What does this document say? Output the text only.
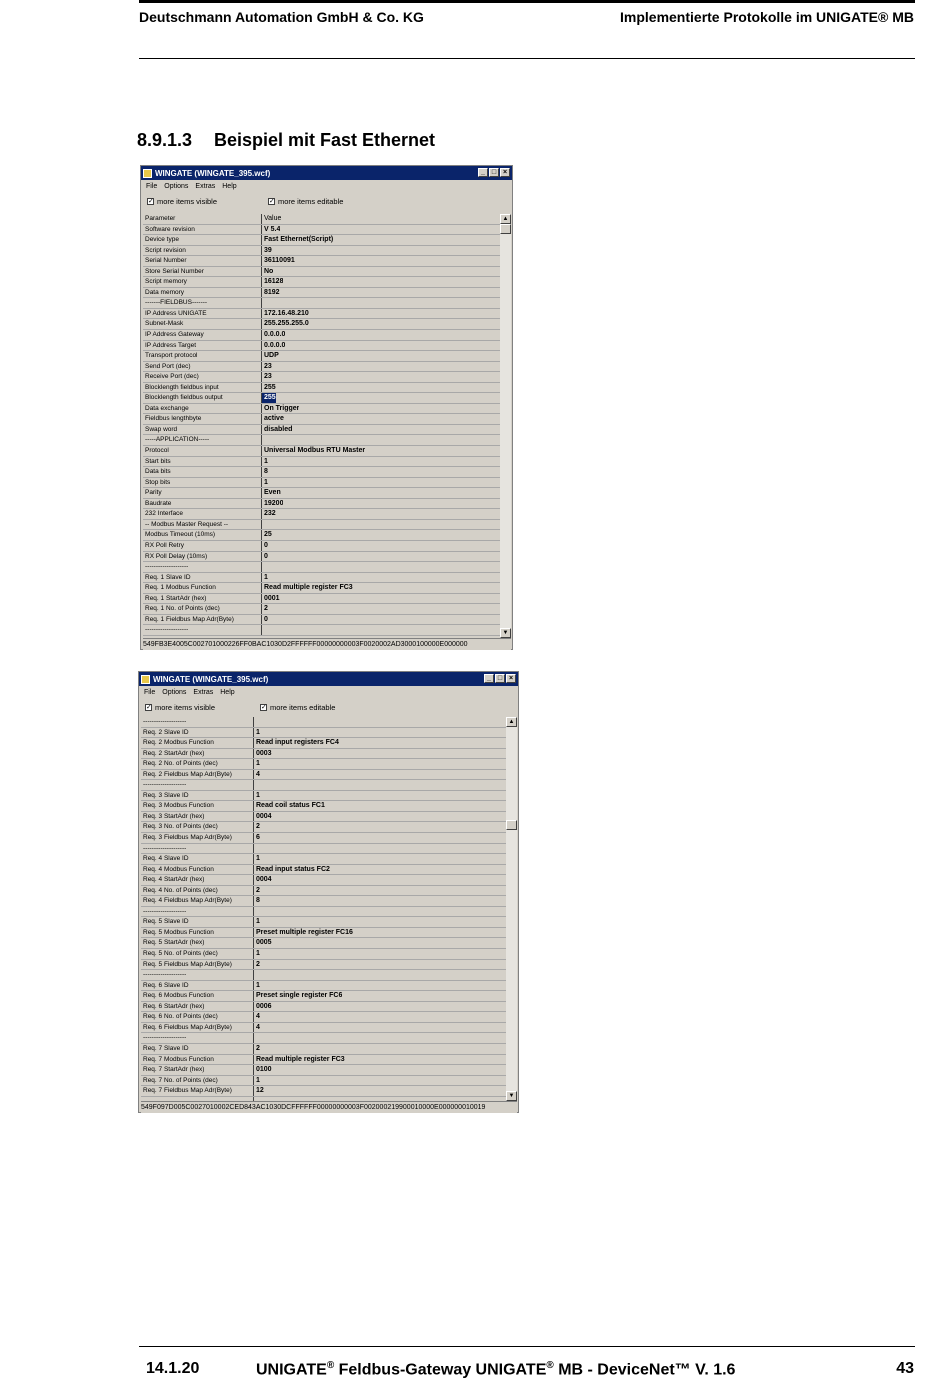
Deutschmann Automation GmbH & Co. KG	Implementierte Protokolle im UNIGATE® MB
8.9.1.3 Beispiel mit Fast Ethernet
WINGATE (WINGATE_395.wcf)	_ □ ×
File Options Extras Help
✓ more items visible	✓ more items editable
Parameter	Value
Software revision	V 5.4
Device type	Fast Ethernet(Script)
Script revision	39
Serial Number	36110091
Store Serial Number	No
Script memory	16128
Data memory	8192
-------FIELDBUS-------
IP Address UNIGATE	172.16.48.210
Subnet-Mask	255.255.255.0
IP Address Gateway	0.0.0.0
IP Address Target	0.0.0.0
Transport protocol	UDP
Send Port (dec)	23
Receive Port (dec)	23
Blocklength fieldbus input	255
Blocklength fieldbus output	255
Data exchange	On Trigger
Fieldbus lengthbyte	active
Swap word	disabled
-----APPLICATION-----
Protocol	Universal Modbus RTU Master
Start bits	1
Data bits	8
Stop bits	1
Parity	Even
Baudrate	19200
232 Interface	232
-- Modbus Master Request --
Modbus Timeout (10ms)	25
RX Poll Retry	0
RX Poll Delay (10ms)	0
--------------------
Req. 1 Slave ID	1
Req. 1 Modbus Function	Read multiple register FC3
Req. 1 StartAdr (hex)	0001
Req. 1 No. of Points (dec)	2
Req. 1 Fieldbus Map Adr(Byte)	0
--------------------
▲
▼
549FB3E4005C002701000226FF0BAC1030D2FFFFFF00000000003F0020002AD3000100000E000000
WINGATE (WINGATE_395.wcf)	_ □ ×
File Options Extras Help
✓ more items visible	✓ more items editable
--------------------
Req. 2 Slave ID	1
Req. 2 Modbus Function	Read input registers FC4
Req. 2 StartAdr (hex)	0003
Req. 2 No. of Points (dec)	1
Req. 2 Fieldbus Map Adr(Byte)	4
--------------------
Req. 3 Slave ID	1
Req. 3 Modbus Function	Read coil status FC1
Req. 3 StartAdr (hex)	0004
Req. 3 No. of Points (dec)	2
Req. 3 Fieldbus Map Adr(Byte)	6
--------------------
Req. 4 Slave ID	1
Req. 4 Modbus Function	Read input status FC2
Req. 4 StartAdr (hex)	0004
Req. 4 No. of Points (dec)	2
Req. 4 Fieldbus Map Adr(Byte)	8
--------------------
Req. 5 Slave ID	1
Req. 5 Modbus Function	Preset multiple register FC16
Req. 5 StartAdr (hex)	0005
Req. 5 No. of Points (dec)	1
Req. 5 Fieldbus Map Adr(Byte)	2
--------------------
Req. 6 Slave ID	1
Req. 6 Modbus Function	Preset single register FC6
Req. 6 StartAdr (hex)	0006
Req. 6 No. of Points (dec)	4
Req. 6 Fieldbus Map Adr(Byte)	4
--------------------
Req. 7 Slave ID	2
Req. 7 Modbus Function	Read multiple register FC3
Req. 7 StartAdr (hex)	0100
Req. 7 No. of Points (dec)	1
Req. 7 Fieldbus Map Adr(Byte)	12
▲
▼
549F097D005C0027010002CED843AC1030DCFFFFFF00000000003F002000219900010000E000000010019
14.1.20	UNIGATE® Feldbus-Gateway UNIGATE® MB - DeviceNet™ V. 1.6	43
